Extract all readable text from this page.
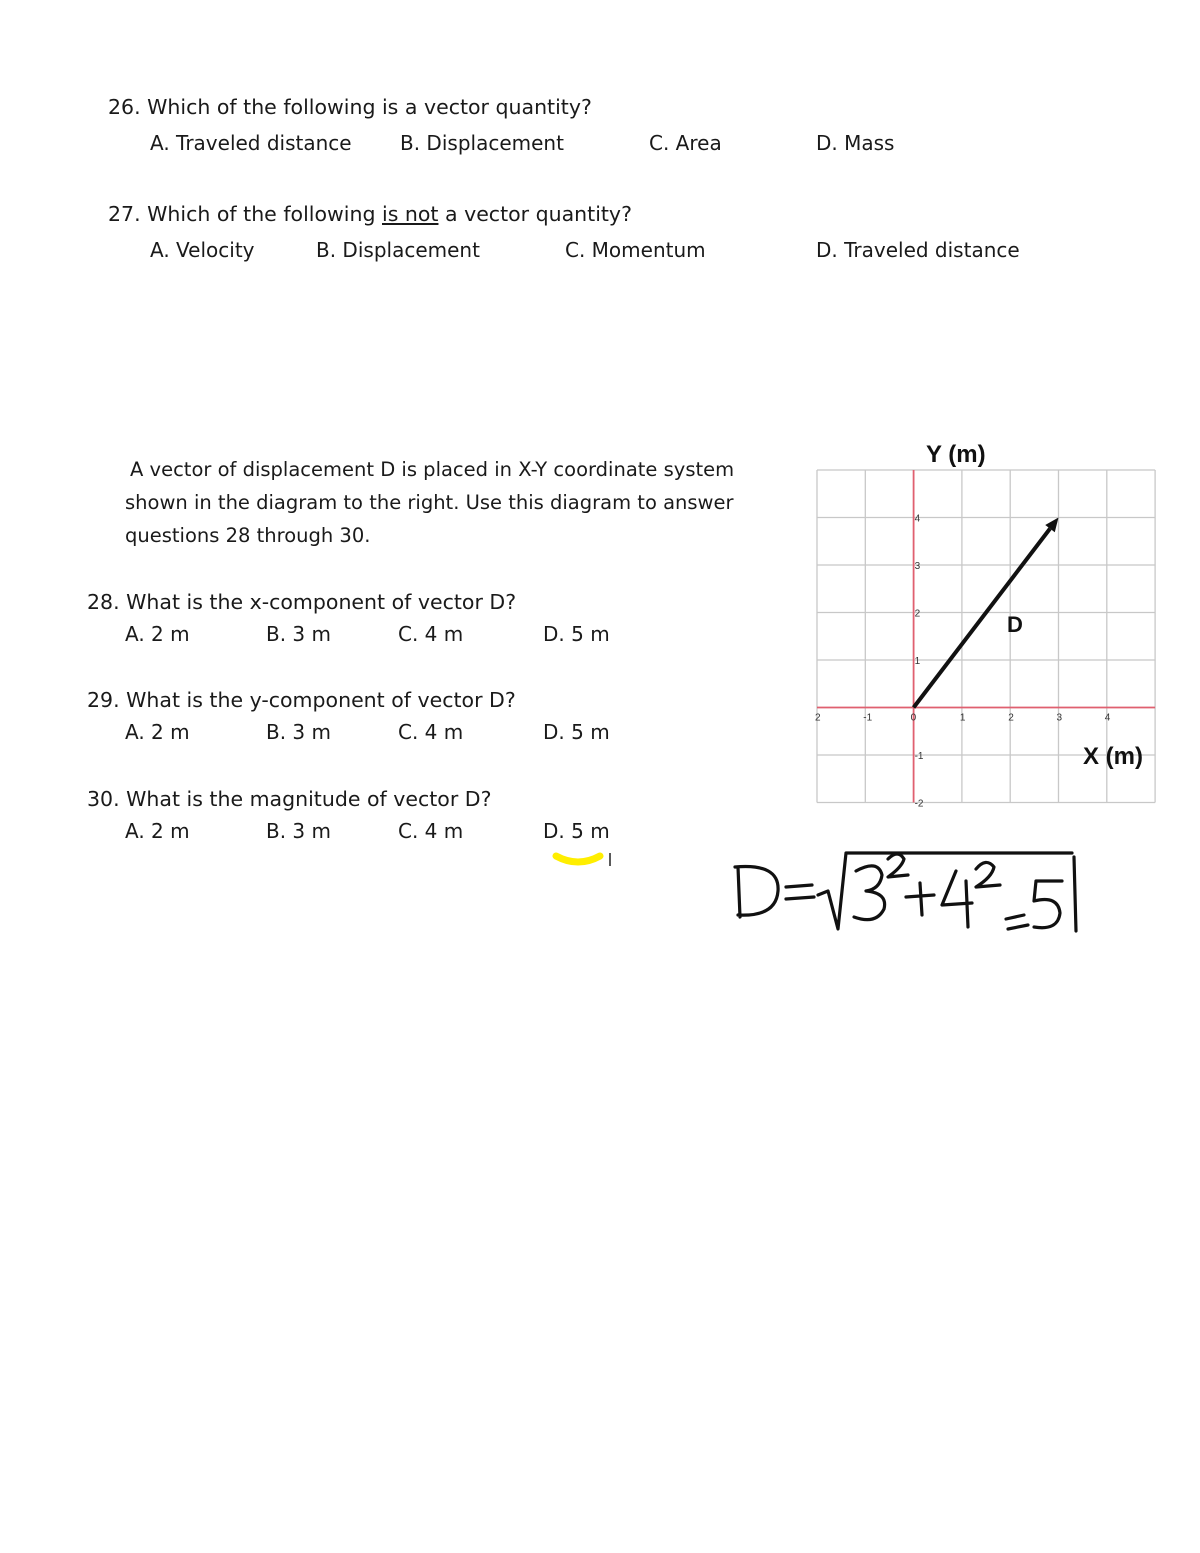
26. Which of the following is a vector quantity?
A. Traveled distance B. Displacement	C. Area	D. Mass
27. Which of the following is not a vector quantity?
A. Velocity	B. Displacement	C. Momentum	D. Traveled distance
A vector of displacement D is placed in X-Y coordinate system
shown in the diagram to the right. Use this diagram to answer
questions 28 through 30.
28. What is the x-component of vector D?
A. 2 m	B. 3 m	C. 4 m	D. 5 m
29. What is the y-component of vector D?
A. 2 m	B. 3 m	C. 4 m	D. 5 m
30. What is the magnitude of vector D?
A. 2 m	B. 3 m	C. 4 m	D. 5 m
2	-1	0	1	2	3	4
4
3
2
1
-1
-2
Y (m)
X (m)
D
